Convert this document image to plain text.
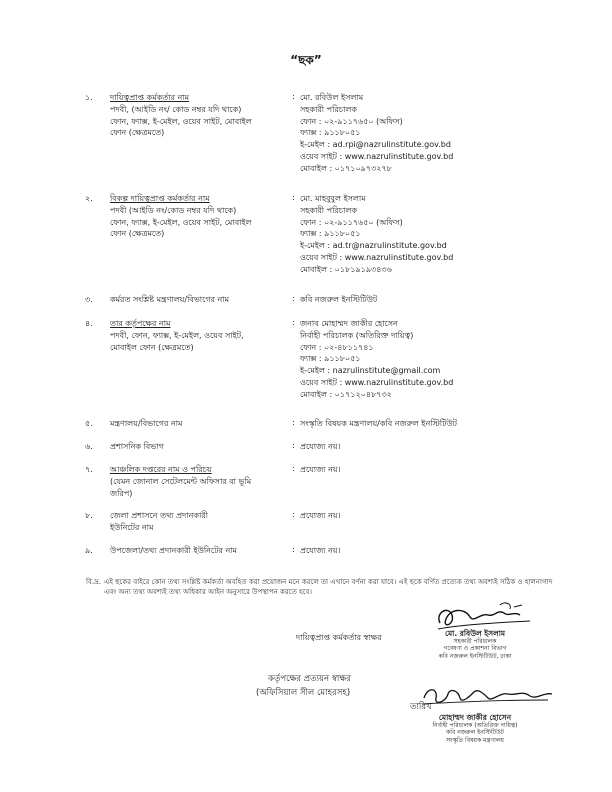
“ছক”
১. দায়িত্বপ্রাপ্ত কর্মকর্তার নাম
পদবী, (আইডি নং/ কোড নম্বর যদি থাকে)
ফোন, ফ্যাক্স, ই-মেইল, ওয়েব সাইট, মোবাইল
ফোন (ক্ষেত্রমতে)
: মো. রবিউল ইসলাম
সহকারী পরিচালক
ফোন : ০২-৯১১৭৬৫০ (অফিস)
ফ্যাক্স : ৯১১৮০৫১
ই-মেইল : ad.rpi@nazrulinstitute.gov.bd
ওয়েব সাইট : www.nazrulinstitute.gov.bd
মোবাইল : ০১৭১০৯৭৩২৭৮
২. বিকল্প দায়িত্বপ্রাপ্ত কর্মকর্তার নাম
পদবী (আইডি নং/কোড নম্বর যদি থাকে)
ফোন, ফ্যাক্স, ই-মেইল, ওয়েব সাইট, মোবাইল
ফোন (ক্ষেত্রমতে)
: মো. মাহবুবুল ইসলাম
সহকারী পরিচালক
ফোন : ০২-৯১১৭৬৫০ (অফিস)
ফ্যাক্স : ৯১১৮০৫১
ই-মেইল : ad.tr@nazrulinstitute.gov.bd
ওয়েব সাইট : www.nazrulinstitute.gov.bd
মোবাইল : ০১৮১৯১৯৩৪৩৬
৩. কর্মরত সংশ্লিষ্ট মন্ত্রণালয়/বিভাগের নাম	: কবি নজরুল ইনস্টিটিউট
৪. তার কর্তৃপক্ষের নাম
পদবী, ফোন, ফ্যাক্স, ই-মেইল, ওয়েব সাইট,
মোবাইল ফোন (ক্ষেত্রমতে)
: জনাব মোহাম্মদ জাকীর হোসেন
নির্বাহী পরিচালক (অতিরিক্ত দায়িত্ব)
ফোন : ০২-৪৮১১৭৪১
ফ্যাক্স : ৯১১৮০৫১
ই-মেইল : nazrulinstitute@gmail.com
ওয়েব সাইট : www.nazrulinstitute.gov.bd
মোবাইল : ০১৭১২০৪৮৭৩২
৫. মন্ত্রণালয়/বিভাগের নাম	: সংস্কৃতি বিষয়ক মন্ত্রণালয়/কবি নজরুল ইনস্টিটিউট
৬. প্রশাসনিক বিভাগ	: প্রযোজ্য নয়।
৭. আঞ্চলিক দপ্তরের নাম ও পরিচয়
(যেমন জোনাল সেটেলমেন্ট অফিসার বা ভূমি
জরিপ)
: প্রযোজ্য নয়।
৮. জেলা প্রশাসনে তথ্য প্রদানকারী
ইউনিটের নাম
: প্রযোজ্য নয়।
৯. উপজেলা/তথ্য প্রদানকারী ইউনিটের নাম	: প্রযোজ্য নয়।
বি.দ্র. এই ছকের বাইরে কোন তথ্য সংশ্লিষ্ট কর্মকর্তা অবহিত করা প্রয়োজন মনে করলে তা এখানে বর্ণনা করা যাবে। এই ছকে বর্ণিত প্রত্যেক তথ্য অবশ্যই সঠিক ও হালনাগাদ এবং অন্য তথ্য অবশ্যই তথ্য অধিকার আইন অনুসারে উপস্থাপন করতে হবে।
দায়িত্বপ্রাপ্ত কর্মকর্তার স্বাক্ষর	মো. রবিউল ইসলাম
সহকারী পরিচালক
গবেষণা ও প্রকাশনা বিভাগ
কবি নজরুল ইনস্টিটিউট, ঢাকা
কর্তৃপক্ষের প্রত্যয়ন স্বাক্ষর
(অফিসিয়াল সীল মোহরসহ)
তারিখ
মোহাম্মদ জাকীর হোসেন
নির্বাহী পরিচালক (অতিরিক্ত দায়িত্ব)
কবি নজরুল ইনস্টিটিউট
সংস্কৃতি বিষয়ক মন্ত্রণালয়
